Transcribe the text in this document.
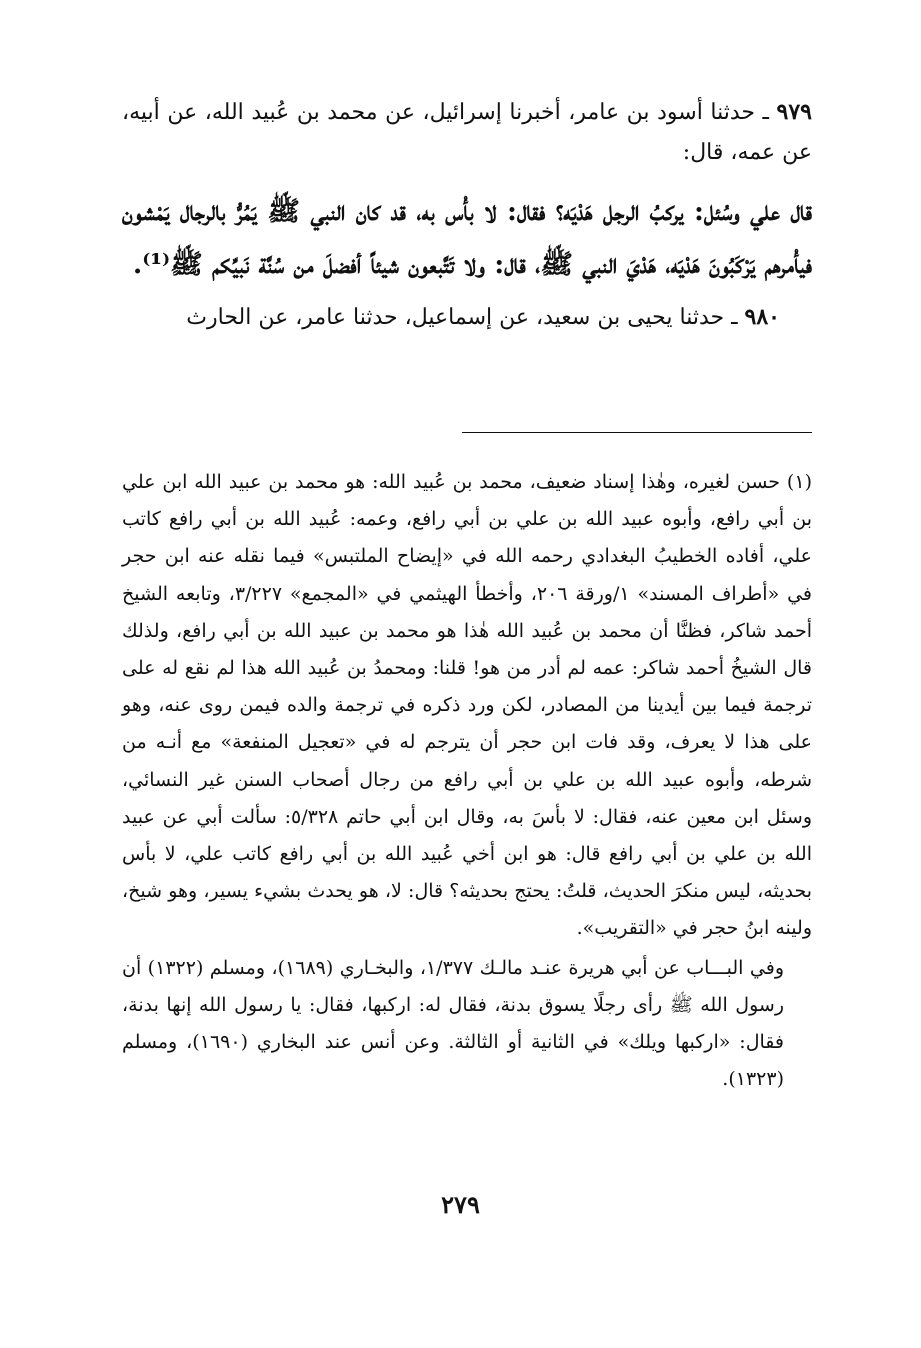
٩٧٩ ـ حدثنا أسود بن عامر، أخبرنا إسرائيل، عن محمد بن عُبيد الله، عن أبيه، عن عمه، قال:

قال علي وسُئل: يركبُ الرجل هَدْيَه؟ فقال: لا بأْس به، قد كان النبي ﷺ يَمُرُّ بالرجال يَمْشون فيأْمرهم يَرْكَبُونَ هَدْيَه، هَدْيَ النبي ﷺ، قال: ولا تَتَّبعون شيئاً أفضلَ من سُنَّة نَبيِّكم ﷺ⁽¹⁾.

٩٨٠ ـ حدثنا يحيى بن سعيد، عن إسماعيل، حدثنا عامر، عن الحارث

(١) حسن لغيره، وهٰذا إسناد ضعيف، محمد بن عُبيد الله: هو محمد بن عبيد الله ابن علي بن أبي رافع، وأبوه عبيد الله بن علي بن أبي رافع، وعمه: عُبيد الله بن أبي رافع كاتب علي، أفاده الخطيبُ البغدادي رحمه الله في «إيضاح الملتبس» فيما نقله عنه ابن حجر في «أطراف المسند» ١/ورقة ٢٠٦، وأخطأ الهيثمي في «المجمع» ٣/٢٢٧، وتابعه الشيخ أحمد شاكر، فظنَّا أن محمد بن عُبيد الله هٰذا هو محمد بن عبيد الله بن أبي رافع، ولذلك قال الشيخُ أحمد شاكر: عمه لم أدر من هو! قلنا: ومحمدُ بن عُبيد الله هذا لم نقع له على ترجمة فيما بين أيدينا من المصادر، لكن ورد ذكره في ترجمة والده فيمن روى عنه، وهو على هذا لا يعرف، وقد فات ابن حجر أن يترجم له في «تعجيل المنفعة» مع أنـه من شرطه، وأبوه عبيد الله بن علي بن أبي رافع من رجال أصحاب السنن غير النسائي، وسئل ابن معين عنه، فقال: لا بأسَ به، وقال ابن أبي حاتم ٥/٣٢٨: سألت أبي عن عبيد الله بن علي بن أبي رافع قال: هو ابن أخي عُبيد الله بن أبي رافع كاتب علي، لا بأس بحديثه، ليس منكرَ الحديث، قلتُ: يحتج بحديثه؟ قال: لا، هو يحدث بشيء يسير، وهو شيخ، ولينه ابنُ حجر في «التقريب».

وفي البـــاب عن أبي هريرة عنـد مالـك ١/٣٧٧، والبخـاري (١٦٨٩)، ومسلم (١٣٢٢) أن رسول الله ﷺ رأى رجلًا يسوق بدنة، فقال له: اركبها، فقال: يا رسول الله إنها بدنة، فقال: «اركبها ويلك» في الثانية أو الثالثة. وعن أنس عند البخاري (١٦٩٠)، ومسلم (١٣٢٣).

٢٧٩
